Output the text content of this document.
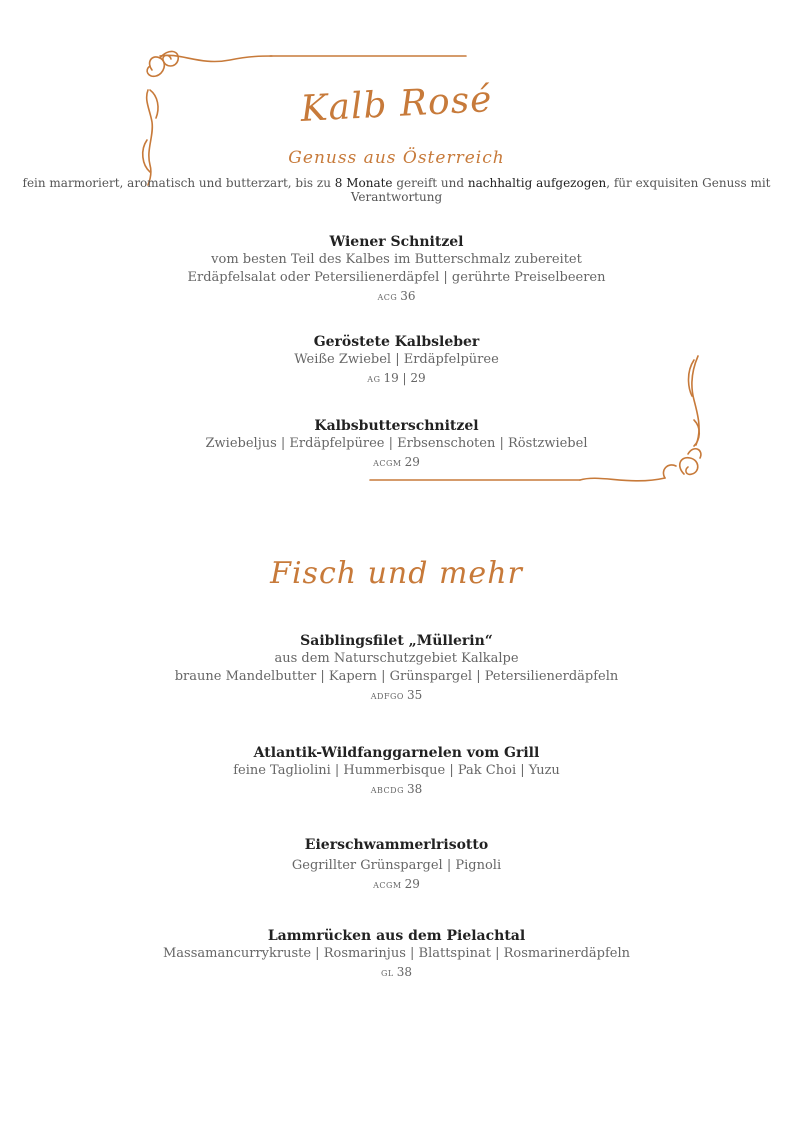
Kalb Rosé
Genuss aus Österreich
fein marmoriert, aromatisch und butterzart, bis zu 8 Monate gereift und nachhaltig aufgezogen, für exquisiten Genuss mit Verantwortung
Wiener Schnitzel
vom besten Teil des Kalbes im Butterschmalz zubereitet
Erdäpfelsalat oder Petersilienerdäpfel | gerührte Preiselbeeren
ACG 36
Geröstete Kalbsleber
Weiße Zwiebel | Erdäpfelpüree
AG 19 | 29
Kalbsbutterschnitzel
Zwiebeljus | Erdäpfelpüree | Erbsenschoten | Röstzwiebel
ACGM 29
Fisch und mehr
Saiblingsfilet „Müllerin“
aus dem Naturschutzgebiet Kalkalpe
braune Mandelbutter | Kapern | Grünspargel | Petersilienerdäpfeln
ADFGO 35
Atlantik-Wildfanggarnelen vom Grill
feine Tagliolini | Hummerbisque | Pak Choi | Yuzu
ABCDG 38
Eierschwammerlrisotto
Gegrillter Grünspargel | Pignoli
ACGM 29
Lammrücken aus dem Pielachtal
Massamancurrykruste | Rosmarinjus | Blattspinat | Rosmarinerdäpfeln
GL 38
